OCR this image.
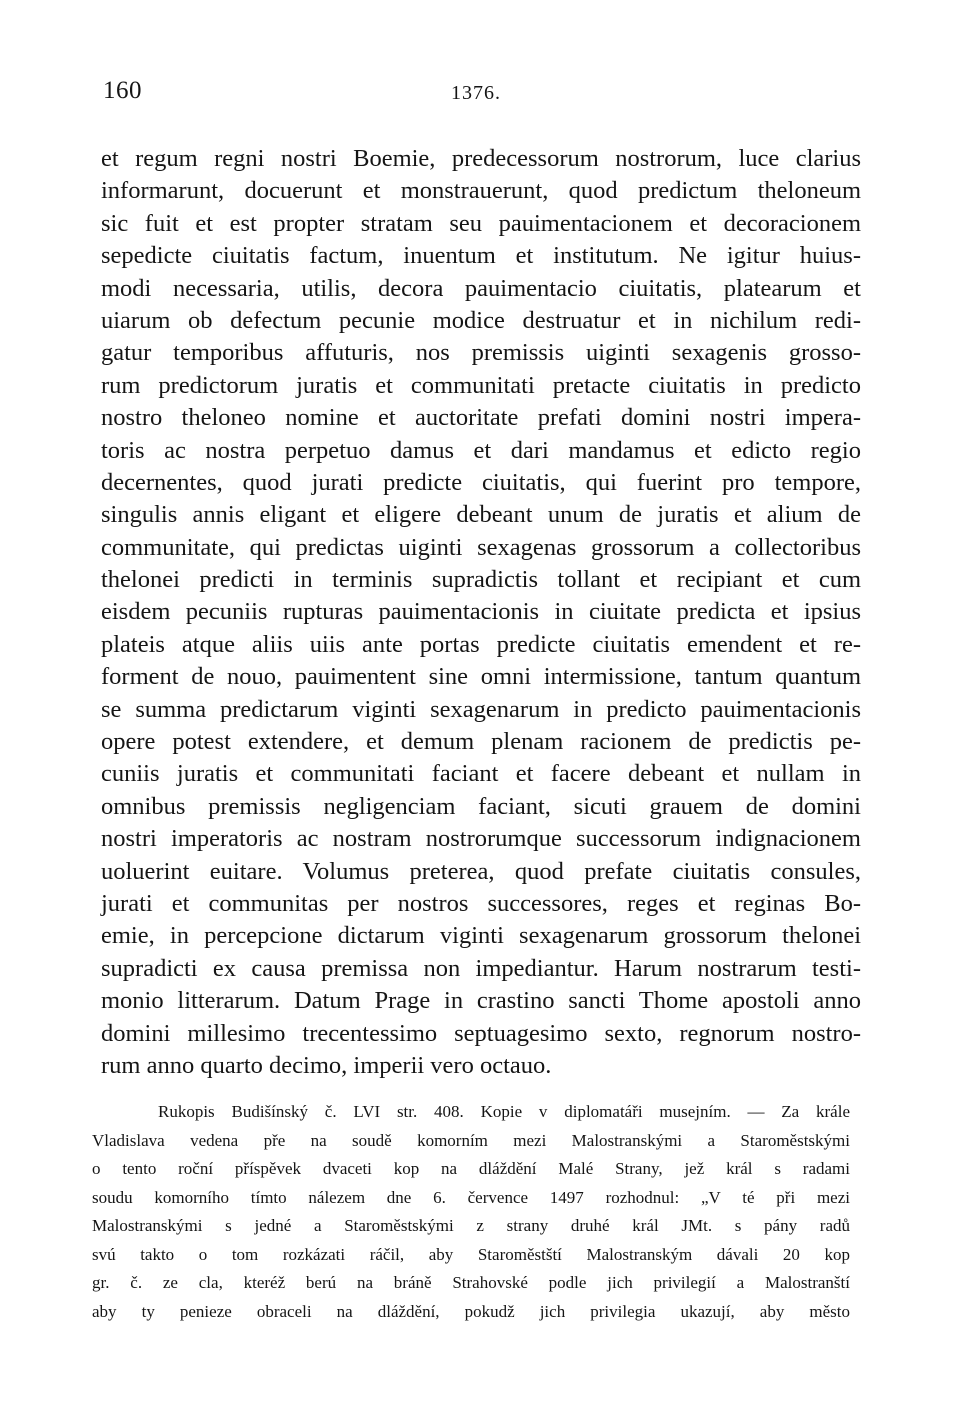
160	1376.
et regum regni nostri Boemie, predecessorum nostrorum, luce clarius
informarunt, docuerunt et monstrauerunt, quod predictum theloneum
sic fuit et est propter stratam seu pauimentacionem et decoracionem
sepedicte ciuitatis factum, inuentum et institutum. Ne igitur huius-
modi necessaria, utilis, decora pauimentacio ciuitatis, platearum et
uiarum ob defectum pecunie modice destruatur et in nichilum redi-
gatur temporibus affuturis, nos premissis uiginti sexagenis grosso-
rum predictorum juratis et communitati pretacte ciuitatis in predicto
nostro theloneo nomine et auctoritate prefati domini nostri impera-
toris ac nostra perpetuo damus et dari mandamus et edicto regio
decernentes, quod jurati predicte ciuitatis, qui fuerint pro tempore,
singulis annis eligant et eligere debeant unum de juratis et alium de
communitate, qui predictas uiginti sexagenas grossorum a collectoribus
thelonei predicti in terminis supradictis tollant et recipiant et cum
eisdem pecuniis rupturas pauimentacionis in ciuitate predicta et ipsius
plateis atque aliis uiis ante portas predicte ciuitatis emendent et re-
forment de nouo, pauimentent sine omni intermissione, tantum quantum
se summa predictarum viginti sexagenarum in predicto pauimentacionis
opere potest extendere, et demum plenam racionem de predictis pe-
cuniis juratis et communitati faciant et facere debeant et nullam in
omnibus premissis negligenciam faciant, sicuti grauem de domini
nostri imperatoris ac nostram nostrorumque successorum indignacionem
uoluerint euitare. Volumus preterea, quod prefate ciuitatis consules,
jurati et communitas per nostros successores, reges et reginas Bo-
emie, in percepcione dictarum viginti sexagenarum grossorum thelonei
supradicti ex causa premissa non impediantur. Harum nostrarum testi-
monio litterarum. Datum Prage in crastino sancti Thome apostoli anno
domini millesimo trecentessimo septuagesimo sexto, regnorum nostro-
rum anno quarto decimo, imperii vero octauo.
Rukopis Budišínský č. LVI str. 408. Kopie v diplomatáři musejním. — Za krále
Vladislava vedena pře na soudě komorním mezi Malostranskými a Staroměstskými
o tento roční příspěvek dvaceti kop na dláždění Malé Strany, jež král s radami
soudu komorního tímto nálezem dne 6. července 1497 rozhodnul: „V té při mezi
Malostranskými s jedné a Staroměstskými z strany druhé král JMt. s pány radů
svú takto o tom rozkázati ráčil, aby Staroměstští Malostranským dávali 20 kop
gr. č. ze cla, kteréž berú na bráně Strahovské podle jich privilegií a Malostranští
aby ty penieze obraceli na dláždění, pokudž jich privilegia ukazují, aby město
